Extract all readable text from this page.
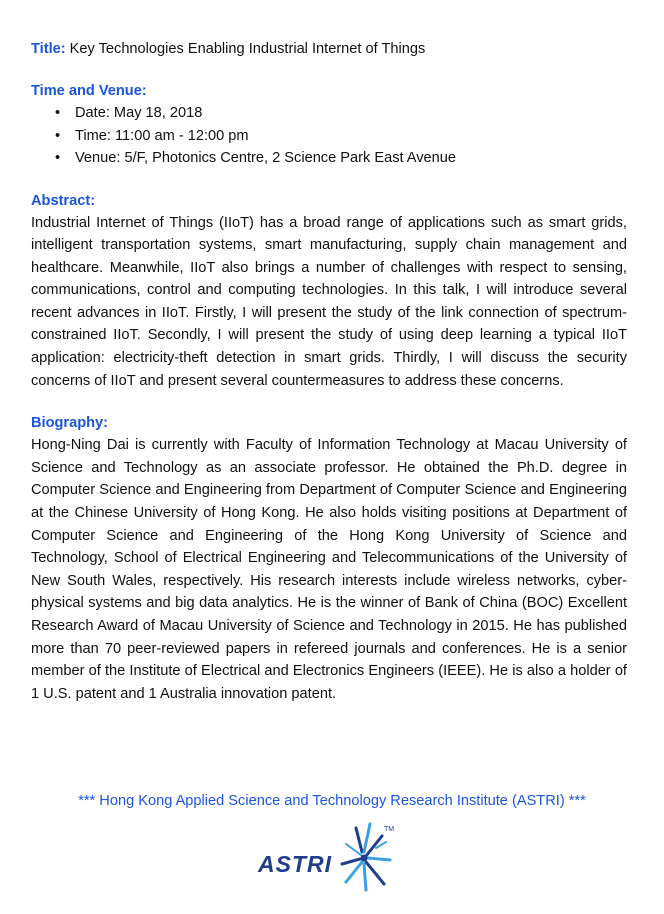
Title: Key Technologies Enabling Industrial Internet of Things

Time and Venue:

• Date: May 18, 2018
• Time: 11:00 am - 12:00 pm
• Venue: 5/F, Photonics Centre, 2 Science Park East Avenue

Abstract:

Industrial Internet of Things (IIoT) has a broad range of applications such as smart grids, intelligent transportation systems, smart manufacturing, supply chain management and healthcare. Meanwhile, IIoT also brings a number of challenges with respect to sensing, communications, control and computing technologies. In this talk, I will introduce several recent advances in IIoT. Firstly, I will present the study of the link connection of spectrum-constrained IIoT. Secondly, I will present the study of using deep learning a typical IIoT application: electricity-theft detection in smart grids. Thirdly, I will discuss the security concerns of IIoT and present several countermeasures to address these concerns.

Biography:

Hong-Ning Dai is currently with Faculty of Information Technology at Macau University of Science and Technology as an associate professor. He obtained the Ph.D. degree in Computer Science and Engineering from Department of Computer Science and Engineering at the Chinese University of Hong Kong. He also holds visiting positions at Department of Computer Science and Engineering of the Hong Kong University of Science and Technology, School of Electrical Engineering and Telecommunications of the University of New South Wales, respectively. His research interests include wireless networks, cyber-physical systems and big data analytics. He is the winner of Bank of China (BOC) Excellent Research Award of Macau University of Science and Technology in 2015. He has published more than 70 peer-reviewed papers in refereed journals and conferences. He is a senior member of the Institute of Electrical and Electronics Engineers (IEEE). He is also a holder of 1 U.S. patent and 1 Australia innovation patent.

*** Hong Kong Applied Science and Technology Research Institute (ASTRI) ***
ASTRI
TM
